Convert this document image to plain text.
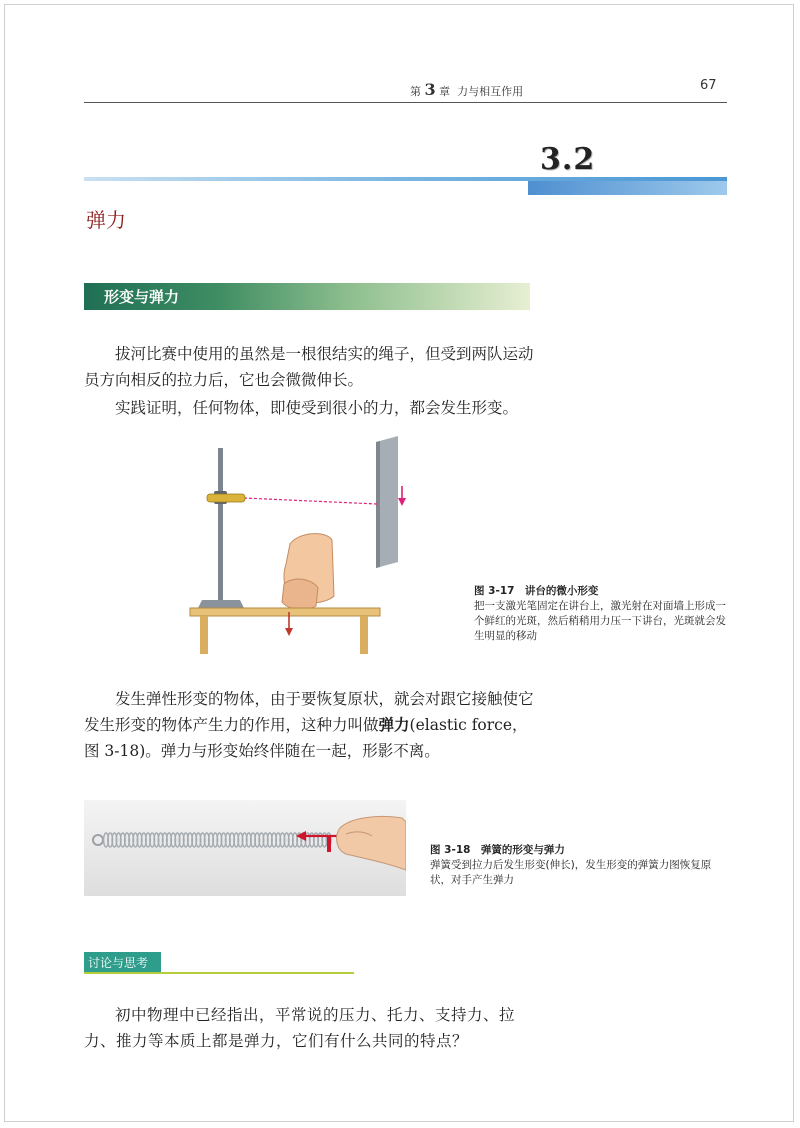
第 3 章 力与相互作用	67
3.2
弹力
形变与弹力
拔河比赛中使用的虽然是一根很结实的绳子，但受到两队运动员方向相反的拉力后，它也会微微伸长。
实践证明，任何物体，即使受到很小的力，都会发生形变。
图 3-17　讲台的微小形变
把一支激光笔固定在讲台上，激光射在对面墙上形成一个鲜红的光斑，然后稍稍用力压一下讲台，光斑就会发生明显的移动
发生弹性形变的物体，由于要恢复原状，就会对跟它接触使它发生形变的物体产生力的作用，这种力叫做弹力(elastic force，图 3-18)。弹力与形变始终伴随在一起，形影不离。
图 3-18　弹簧的形变与弹力
弹簧受到拉力后发生形变(伸长)，发生形变的弹簧力图恢复原状，对手产生弹力
讨论与思考
初中物理中已经指出，平常说的压力、托力、支持力、拉力、推力等本质上都是弹力，它们有什么共同的特点？
